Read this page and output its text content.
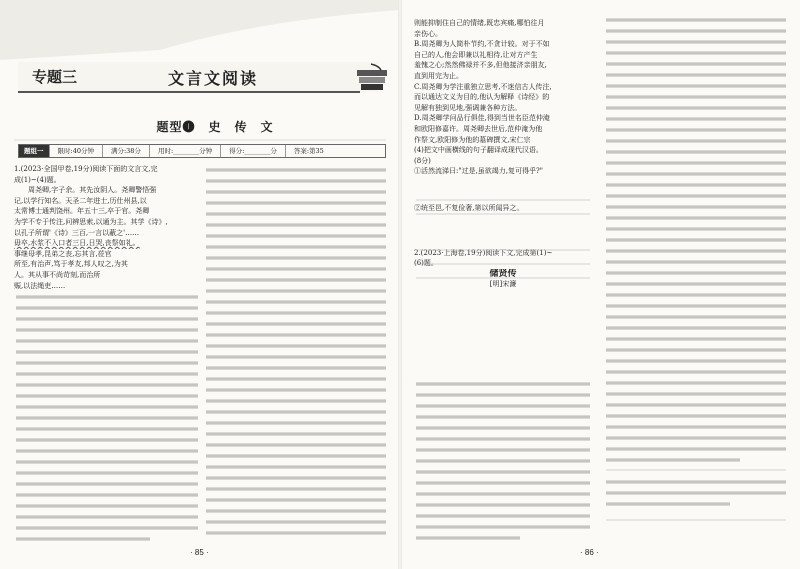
专题三	文言文阅读
题型❶　史　传　文
题组一	限时:40分钟	满分:38分	用时:________分钟	得分:________分	答案:第35

1.(2023·全国甲卷,19分)阅读下面的文言文,完

成(1)~(4)题。

　　周尧卿,字子余。其先汝阴人。尧卿警悟强

记,以学行知名。天圣二年进士,历仕州县,以

太常博士通判饶州。年五十三,卒于官。尧卿

为学不专于传注,问辨思索,以通为主。其学《诗》,

以孔子所谓'《诗》三百,一言以蔽之'……

毋卒,水浆不入口者三日,日哭,丧祭如礼。

事继母孝,昆弟之丧,忘其言,莅官

所至,有治声,笃于孝友,邦人叹之,为其

人。其从事不尚苛刻,而治所

赈,以法绳吏……

· 85 ·

则能抑制住自己的情绪,既忠宾痛,哪怕往月

亲伤心。

B.周尧卿为人简朴节约,不贪计较。对于不如

自己的人,他会即兼以礼相待,让对方产生

羞愧之心;然然佛禄并不多,但他接济亲朋友,

直到用完为止。

C.周尧卿为学注重独立思考,不迷信古人传注,

而以通达文义为目的,他认为解释《诗经》的

见解有独到见地,强调兼各种方法。

D.周尧卿学问品行俱佳,得到当世名臣范仲淹

和欧阳修嘉许。周尧卿去世后,范仲淹为他

作祭文,欧阳修为他的墓碑撰文,宋仁宗

(4)把文中画横线的句子翻译成现代汉语。

(8分)

①活然流涕曰:"过是,虽欲竭力,复可得乎?"

②统至邑,不复俭奢,第以所闻异之。

2.(2023·上海卷,19分)阅读下文,完成第(1)~

(6)题。

储贤传

[明]宋濂

· 86 ·
